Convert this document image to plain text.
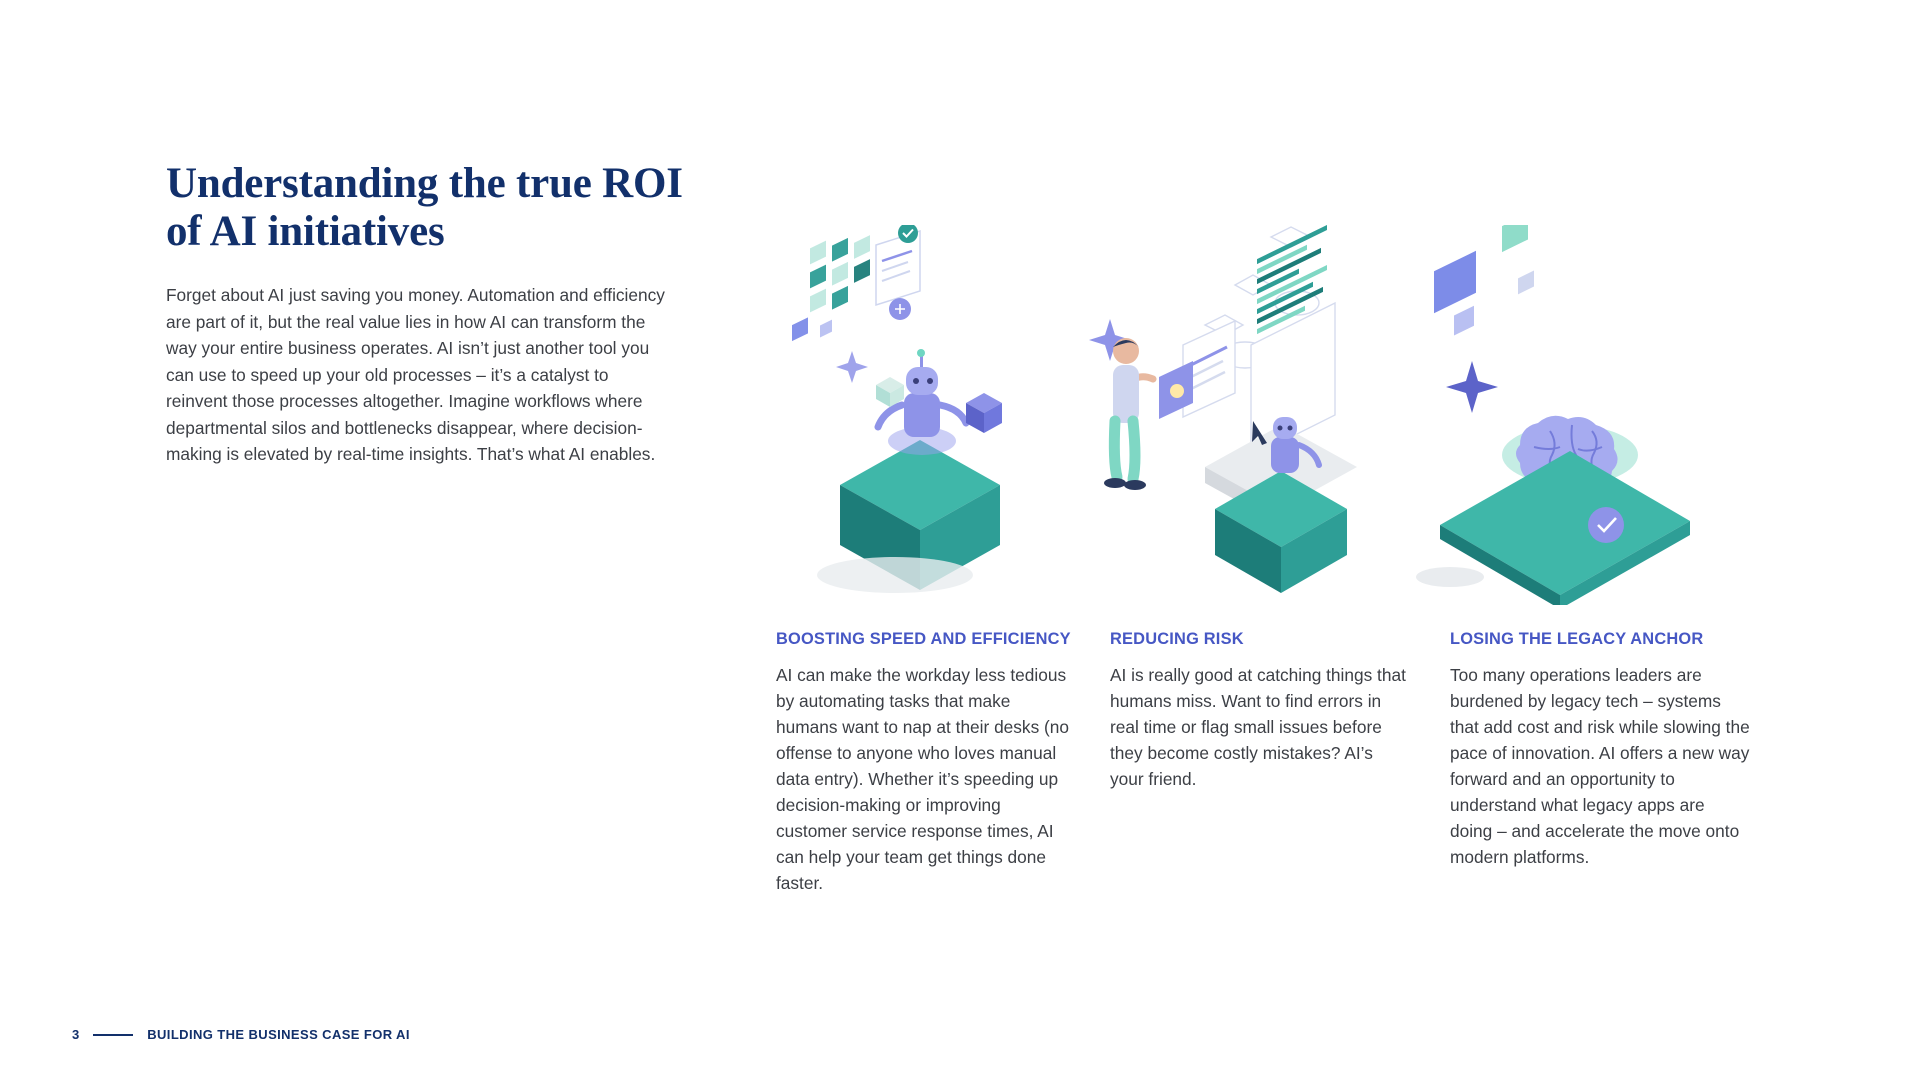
Understanding the true ROI of AI initiatives

Forget about AI just saving you money. Automation and efficiency are part of it, but the real value lies in how AI can transform the way your entire business operates. AI isn’t just another tool you can use to speed up your old processes – it’s a catalyst to reinvent those processes altogether. Imagine workflows where departmental silos and bottlenecks disappear, where decision-making is elevated by real-time insights. That’s what AI enables.

BOOSTING SPEED AND EFFICIENCY

AI can make the workday less tedious by automating tasks that make humans want to nap at their desks (no offense to anyone who loves manual data entry). Whether it’s speeding up decision-making or improving customer service response times, AI can help your team get things done faster.

REDUCING RISK

AI is really good at catching things that humans miss. Want to find errors in real time or flag small issues before they become costly mistakes? AI’s your friend.

LOSING THE LEGACY ANCHOR

Too many operations leaders are burdened by legacy tech – systems that add cost and risk while slowing the pace of innovation. AI offers a new way forward and an opportunity to understand what legacy apps are doing – and accelerate the move onto modern platforms.

3	BUILDING THE BUSINESS CASE FOR AI
